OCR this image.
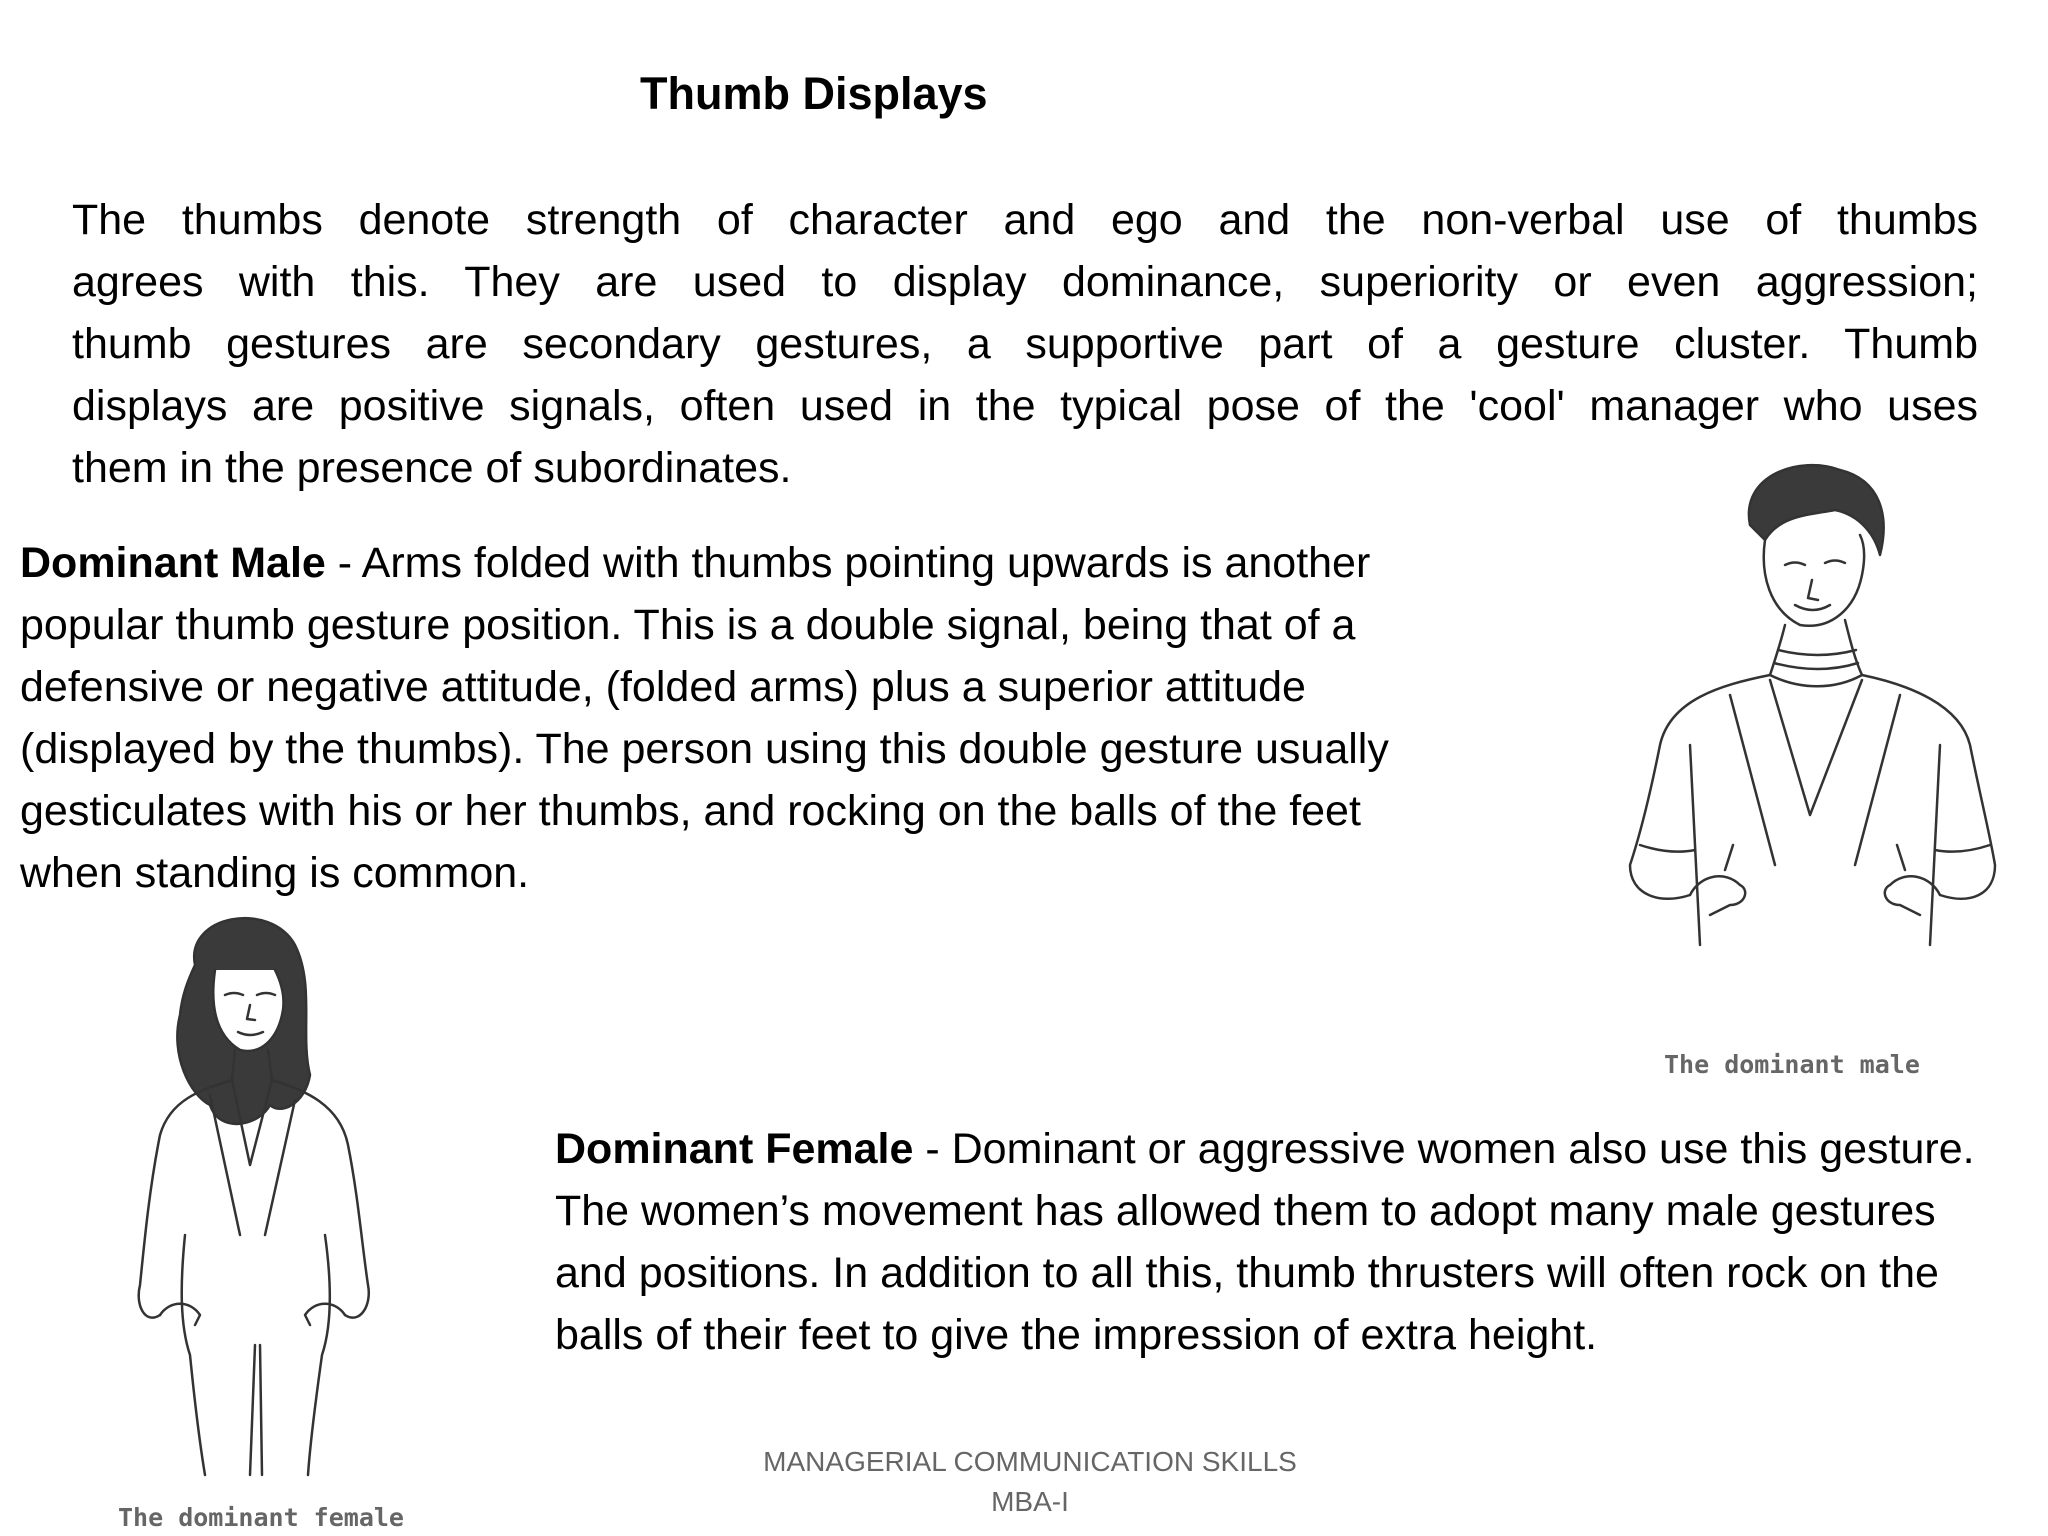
Thumb Displays
The thumbs denote strength of character and ego and the non-verbal use of thumbs
agrees with this. They are used to display dominance, superiority or even aggression;
thumb gestures are secondary gestures, a supportive part of a gesture cluster. Thumb
displays are positive signals, often used in the typical pose of the 'cool' manager who uses
them in the presence of subordinates.
Dominant Male - Arms folded with thumbs pointing upwards is another popular thumb gesture position. This is a double signal, being that of a defensive or negative attitude, (folded arms) plus a superior attitude (displayed by the thumbs). The person using this double gesture usually gesticulates with his or her thumbs, and rocking on the balls of the feet when standing is common.
The dominant male
The dominant female
Dominant Female - Dominant or aggressive women also use this gesture. The women’s movement has allowed them to adopt many male gestures and positions. In addition to all this, thumb thrusters will often rock on the balls of their feet to give the impression of extra height.
MANAGERIAL COMMUNICATION SKILLS
MBA-I
